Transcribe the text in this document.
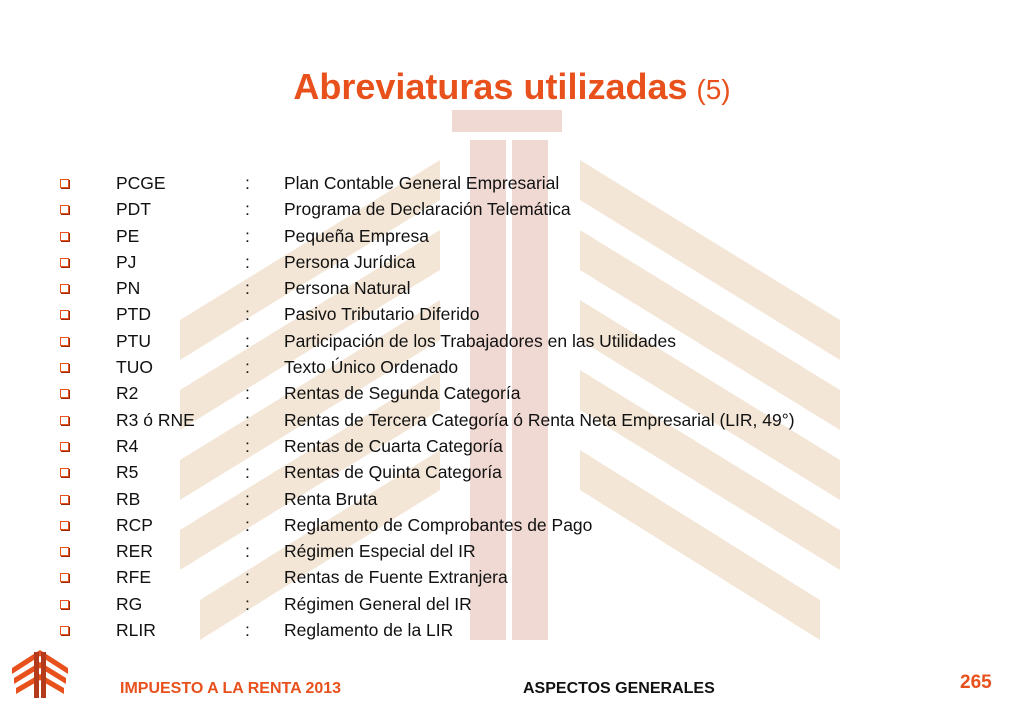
Abreviaturas utilizadas (5)
PCGE	: Plan Contable General Empresarial
PDT	: Programa de Declaración Telemática
PE	: Pequeña Empresa
PJ	: Persona Jurídica
PN	: Persona Natural
PTD	: Pasivo Tributario Diferido
PTU	: Participación de los Trabajadores en las Utilidades
TUO	: Texto Único Ordenado
R2	: Rentas de Segunda Categoría
R3 ó RNE	: Rentas de Tercera Categoría ó Renta Neta Empresarial (LIR, 49°)
R4	: Rentas de Cuarta Categoría
R5	: Rentas de Quinta Categoría
RB	: Renta Bruta
RCP	: Reglamento de Comprobantes de Pago
RER	: Régimen Especial del IR
RFE	: Rentas de Fuente Extranjera
RG	: Régimen General del IR
RLIR	: Reglamento de la LIR
IMPUESTO A LA RENTA 2013	ASPECTOS GENERALES	265
